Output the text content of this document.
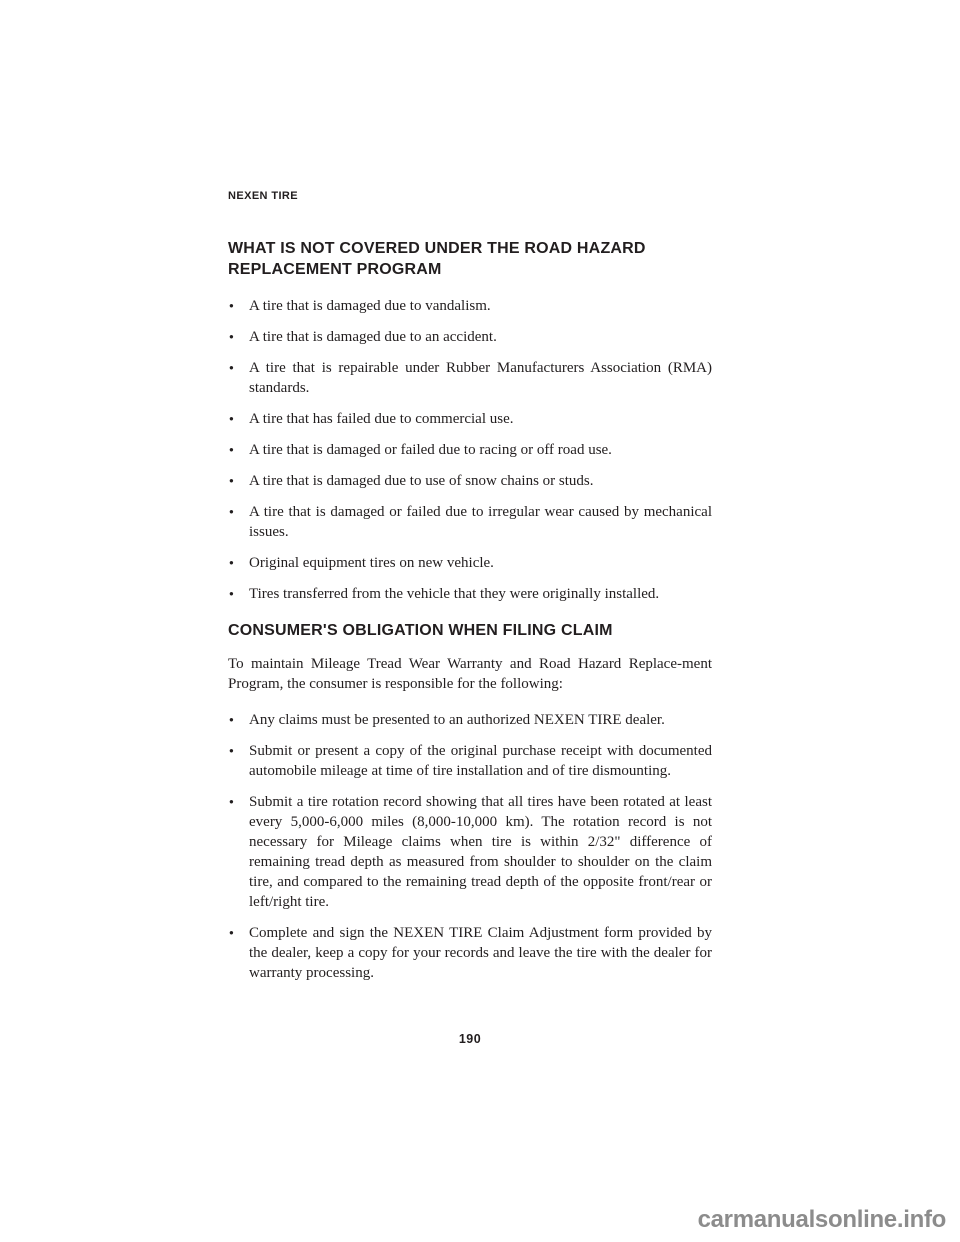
NEXEN TIRE
WHAT IS NOT COVERED UNDER THE ROAD HAZARD REPLACEMENT PROGRAM
●
A tire that is damaged due to vandalism.
●
A tire that is damaged due to an accident.
●
A tire that is repairable under Rubber Manufacturers Association (RMA) standards.
●
A tire that has failed due to commercial use.
●
A tire that is damaged or failed due to racing or off road use.
●
A tire that is damaged due to use of snow chains or studs.
●
A tire that is damaged or failed due to irregular wear caused by mechanical issues.
●
Original equipment tires on new vehicle.
●
Tires transferred from the vehicle that they were originally installed.
CONSUMER'S OBLIGATION WHEN FILING CLAIM

To maintain Mileage Tread Wear Warranty and Road Hazard Replace-ment Program, the consumer is responsible for the following:

●
Any claims must be presented to an authorized NEXEN TIRE dealer.
●
Submit or present a copy of the original purchase receipt with documented automobile mileage at time of tire installation and of tire dismounting.
●
Submit a tire rotation record showing that all tires have been rotated at least every 5,000-6,000 miles (8,000-10,000 km). The rotation record is not necessary for Mileage claims when tire is within 2/32" difference of remaining tread depth as measured from shoulder to shoulder on the claim tire, and compared to the remaining tread depth of the opposite front/rear or left/right tire.
●
Complete and sign the NEXEN TIRE Claim Adjustment form provided by the dealer, keep a copy for your records and leave the tire with the dealer for warranty processing.
190
carmanualsonline.info
